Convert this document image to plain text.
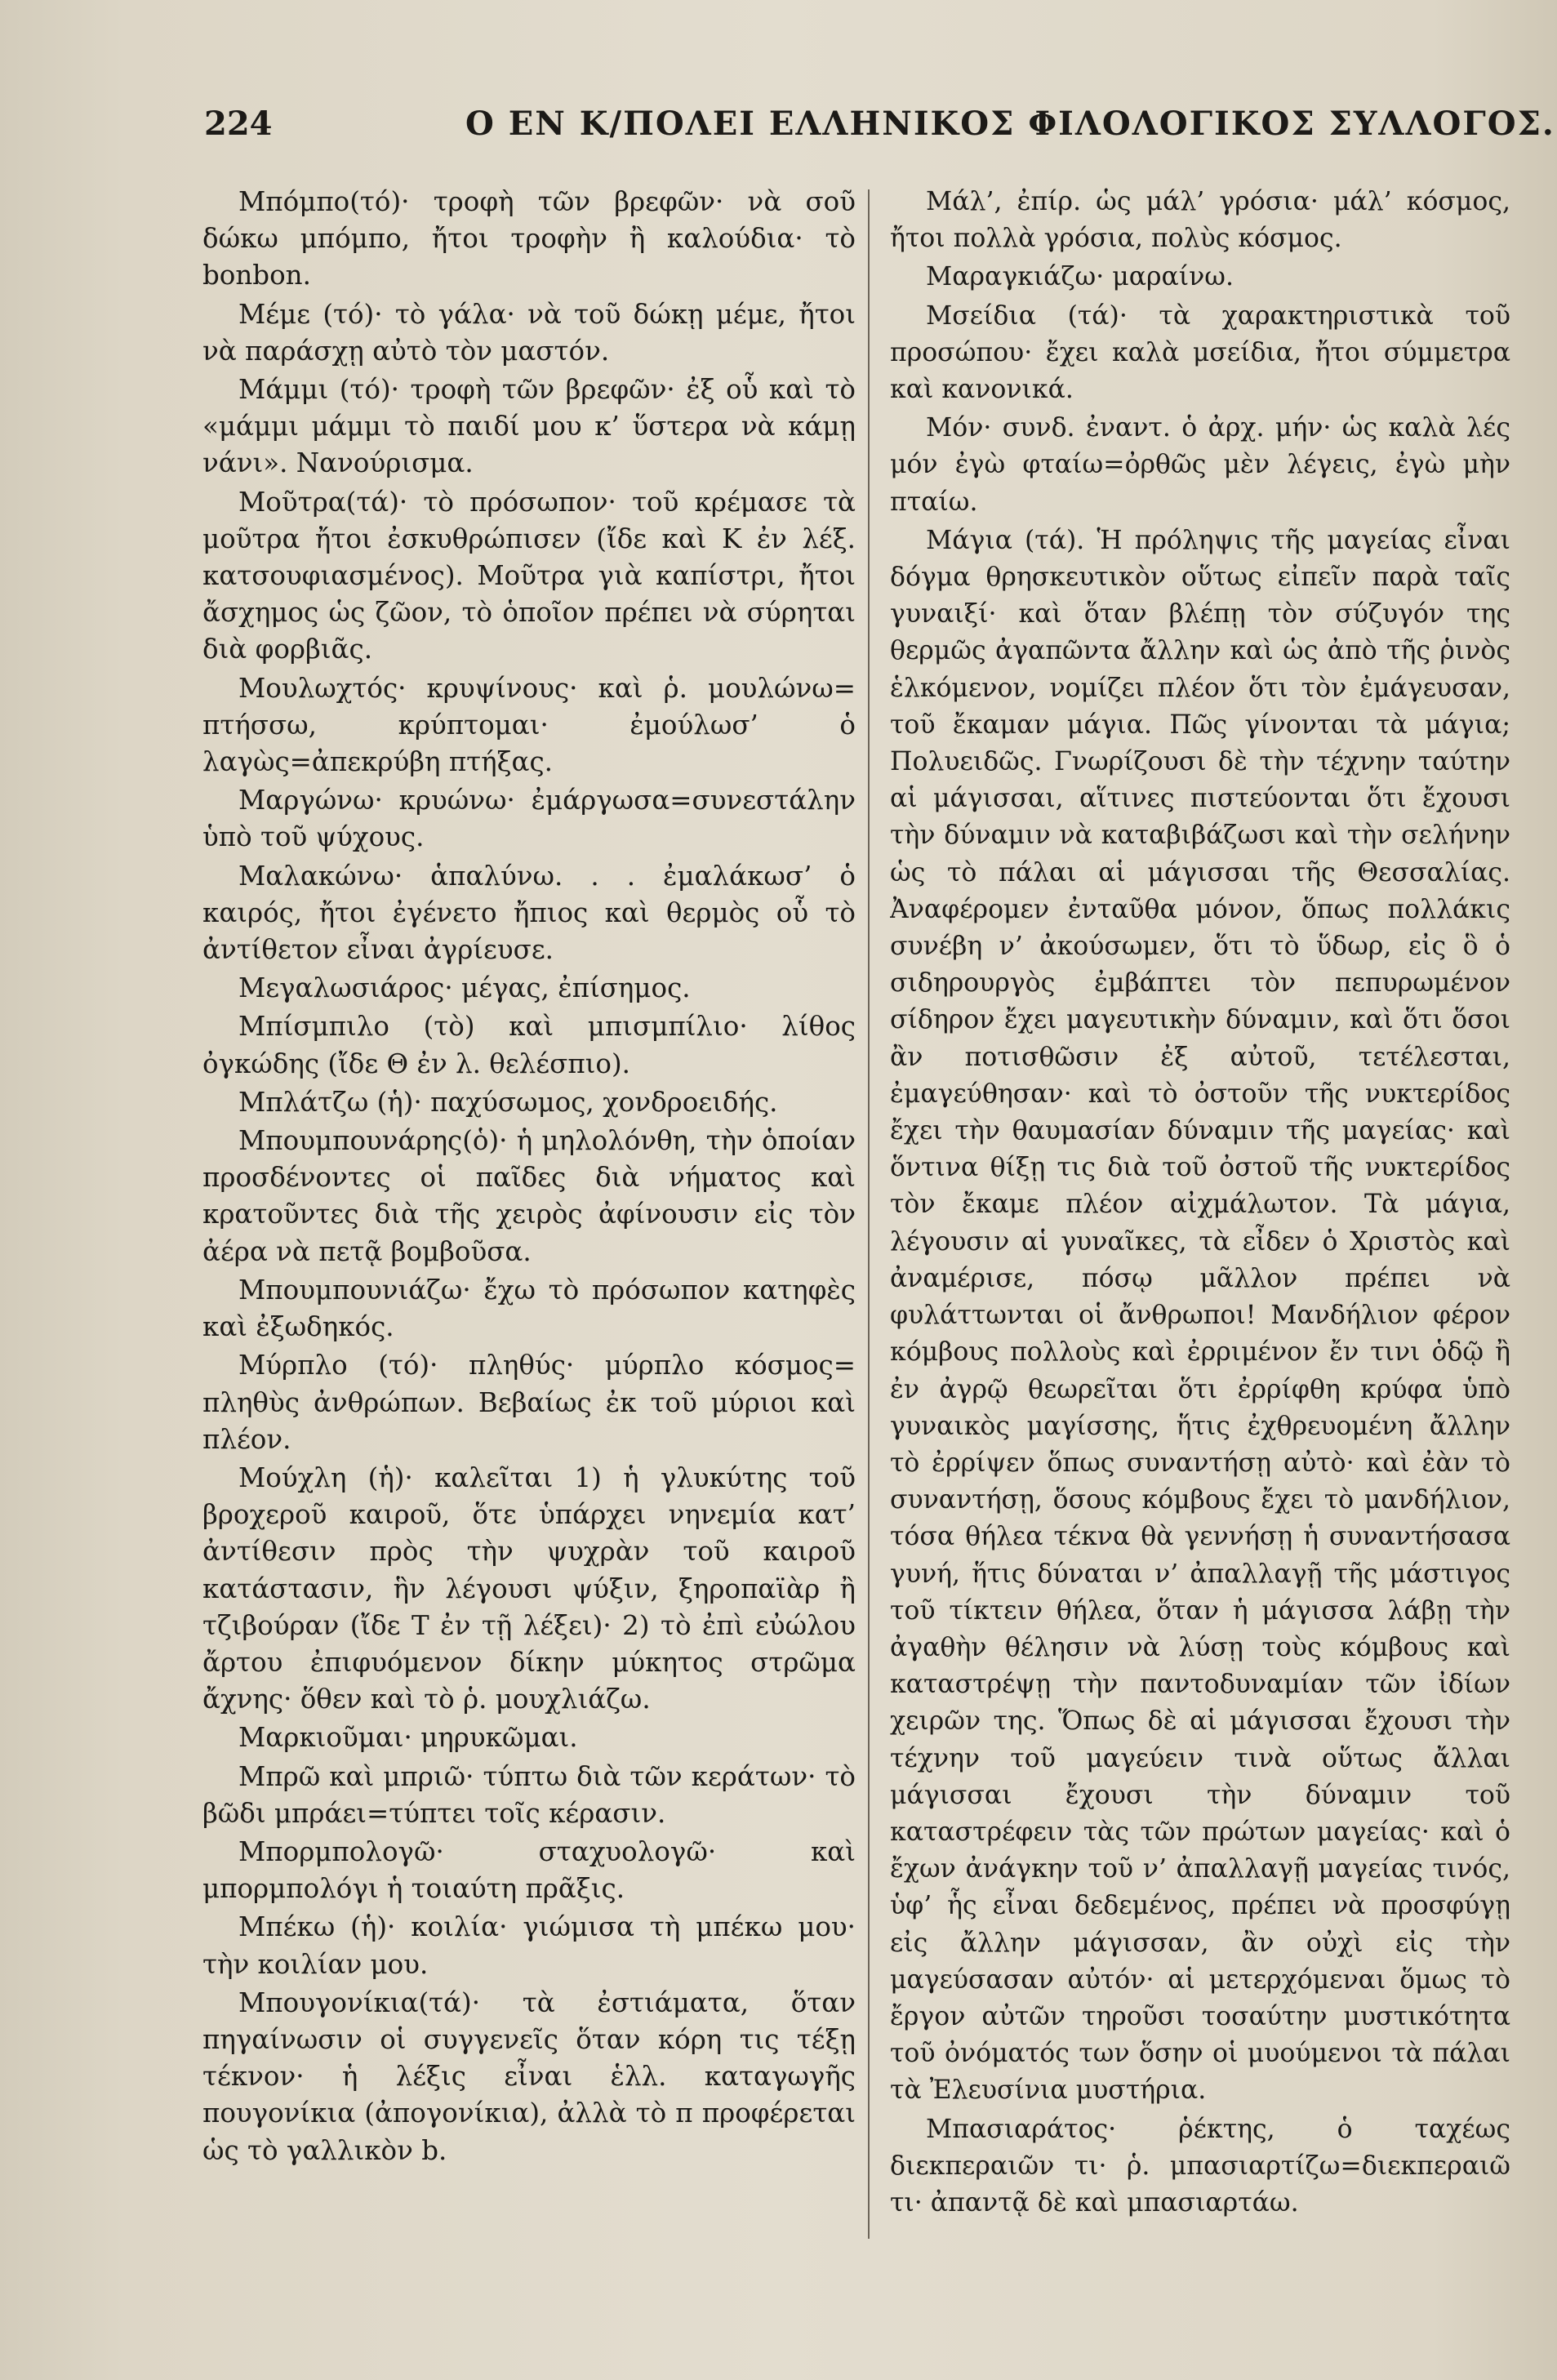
224	Ο ΕΝ Κ/ΠΟΛΕΙ ΕΛΛΗΝΙΚΟΣ ΦΙΛΟΛΟΓΙΚΟΣ ΣΥΛΛΟΓΟΣ.

Μπόμπο(τό)· τροφὴ τῶν βρεφῶν· νὰ σοῦ δώκω μπόμπο, ἤτοι τροφὴν ἢ καλούδια· τὸ bonbon.

Μέμε (τό)· τὸ γάλα· νὰ τοῦ δώκῃ μέμε, ἤτοι νὰ παράσχῃ αὐτὸ τὸν μαστόν.

Μάμμι (τό)· τροφὴ τῶν βρεφῶν· ἐξ οὗ καὶ τὸ «μάμμι μάμμι τὸ παιδί μου κ’ ὕστερα νὰ κάμῃ νάνι». Νανούρισμα.

Μοῦτρα(τά)· τὸ πρόσωπον· τοῦ κρέμασε τὰ μοῦτρα ἤτοι ἐσκυθρώπισεν (ἴδε καὶ Κ ἐν λέξ. κατσουφιασμένος). Μοῦτρα γιὰ καπίστρι, ἤτοι ἄσχημος ὡς ζῶον, τὸ ὁποῖον πρέπει νὰ σύρηται διὰ φορβιᾶς.

Μουλωχτός· κρυψίνους· καὶ ῥ. μουλώνω= πτήσσω, κρύπτομαι· ἐμούλωσ’ ὁ λαγὼς=ἀπεκρύβη πτήξας.

Μαργώνω· κρυώνω· ἐμάργωσα=συνεστάλην ὑπὸ τοῦ ψύχους.

Μαλακώνω· ἁπαλύνω. . . ἐμαλάκωσ’ ὁ καιρός, ἤτοι ἐγένετο ἤπιος καὶ θερμὸς οὗ τὸ ἀντίθετον εἶναι ἀγρίευσε.

Μεγαλωσιάρος· μέγας, ἐπίσημος.

Μπίσμπιλο (τὸ) καὶ μπισμπίλιο· λίθος ὀγκώδης (ἴδε Θ ἐν λ. θελέσπιο).

Μπλάτζω (ἡ)· παχύσωμος, χονδροειδής.

Μπουμπουνάρης(ὁ)· ἡ μηλολόνθη, τὴν ὁποίαν προσδένοντες οἱ παῖδες διὰ νήματος καὶ κρατοῦντες διὰ τῆς χειρὸς ἀφίνουσιν εἰς τὸν ἀέρα νὰ πετᾷ βομβοῦσα.

Μπουμπουνιάζω· ἔχω τὸ πρόσωπον κατηφὲς καὶ ἐξωδηκός.

Μύρπλο (τό)· πληθύς· μύρπλο κόσμος= πληθὺς ἀνθρώπων. Βεβαίως ἐκ τοῦ μύριοι καὶ πλέον.

Μούχλη (ἡ)· καλεῖται 1) ἡ γλυκύτης τοῦ βροχεροῦ καιροῦ, ὅτε ὑπάρχει νηνεμία κατ’ ἀντίθεσιν πρὸς τὴν ψυχρὰν τοῦ καιροῦ κατάστασιν, ἣν λέγουσι ψύξιν, ξηροπαϊὰρ ἢ τζιβούραν (ἴδε Τ ἐν τῇ λέξει)· 2) τὸ ἐπὶ εὐώλου ἄρτου ἐπιφυόμενον δίκην μύκητος στρῶμα ἄχνης· ὅθεν καὶ τὸ ῥ. μουχλιάζω.

Μαρκιοῦμαι· μηρυκῶμαι.

Μπρῶ καὶ μπριῶ· τύπτω διὰ τῶν κεράτων· τὸ βῶδι μπράει=τύπτει τοῖς κέρασιν.

Μπορμπολογῶ· σταχυολογῶ· καὶ μπορμπολόγι ἡ τοιαύτη πρᾶξις.

Μπέκω (ἡ)· κοιλία· γιώμισα τὴ μπέκω μου· τὴν κοιλίαν μου.

Μπουγονίκια(τά)· τὰ ἐστιάματα, ὅταν πηγαίνωσιν οἱ συγγενεῖς ὅταν κόρη τις τέξῃ τέκνον· ἡ λέξις εἶναι ἑλλ. καταγωγῆς πουγονίκια (ἀπογονίκια), ἀλλὰ τὸ π προφέρεται ὡς τὸ γαλλικὸν b.

Μάλ’, ἐπίρ. ὡς μάλ’ γρόσια· μάλ’ κόσμος, ἤτοι πολλὰ γρόσια, πολὺς κόσμος.

Μαραγκιάζω· μαραίνω.

Μσείδια (τά)· τὰ χαρακτηριστικὰ τοῦ προσώπου· ἔχει καλὰ μσείδια, ἤτοι σύμμετρα καὶ κανονικά.

Μόν· συνδ. ἐναντ. ὁ ἀρχ. μήν· ὡς καλὰ λές μόν ἐγὼ φταίω=ὀρθῶς μὲν λέγεις, ἐγὼ μὴν πταίω.

Μάγια (τά). Ἡ πρόληψις τῆς μαγείας εἶναι δόγμα θρησκευτικὸν οὕτως εἰπεῖν παρὰ ταῖς γυναιξί· καὶ ὅταν βλέπῃ τὸν σύζυγόν της θερμῶς ἀγαπῶντα ἄλλην καὶ ὡς ἀπὸ τῆς ῥινὸς ἑλκόμενον, νομίζει πλέον ὅτι τὸν ἐμάγευσαν, τοῦ ἔκαμαν μάγια. Πῶς γίνονται τὰ μάγια; Πολυειδῶς. Γνωρίζουσι δὲ τὴν τέχνην ταύτην αἱ μάγισσαι, αἵτινες πιστεύονται ὅτι ἔχουσι τὴν δύναμιν νὰ καταβιβάζωσι καὶ τὴν σελήνην ὡς τὸ πάλαι αἱ μάγισσαι τῆς Θεσσαλίας. Ἀναφέρομεν ἐνταῦθα μόνον, ὅπως πολλάκις συνέβη ν’ ἀκούσωμεν, ὅτι τὸ ὕδωρ, εἰς ὃ ὁ σιδηρουργὸς ἐμβάπτει τὸν πεπυρωμένον σίδηρον ἔχει μαγευτικὴν δύναμιν, καὶ ὅτι ὅσοι ἂν ποτισθῶσιν ἐξ αὐτοῦ, τετέλεσται, ἐμαγεύθησαν· καὶ τὸ ὀστοῦν τῆς νυκτερίδος ἔχει τὴν θαυμασίαν δύναμιν τῆς μαγείας· καὶ ὅντινα θίξῃ τις διὰ τοῦ ὀστοῦ τῆς νυκτερίδος τὸν ἔκαμε πλέον αἰχμάλωτον. Τὰ μάγια, λέγουσιν αἱ γυναῖκες, τὰ εἶδεν ὁ Χριστὸς καὶ ἀναμέρισε, πόσῳ μᾶλλον πρέπει νὰ φυλάττωνται οἱ ἄνθρωποι! Μανδήλιον φέρον κόμβους πολλοὺς καὶ ἐρριμένον ἔν τινι ὁδῷ ἢ ἐν ἀγρῷ θεωρεῖται ὅτι ἐρρίφθη κρύφα ὑπὸ γυναικὸς μαγίσσης, ἥτις ἐχθρευομένη ἄλλην τὸ ἐρρίψεν ὅπως συναντήσῃ αὐτὸ· καὶ ἐὰν τὸ συναντήσῃ, ὅσους κόμβους ἔχει τὸ μανδήλιον, τόσα θήλεα τέκνα θὰ γεννήσῃ ἡ συναντήσασα γυνή, ἥτις δύναται ν’ ἀπαλλαγῇ τῆς μάστιγος τοῦ τίκτειν θήλεα, ὅταν ἡ μάγισσα λάβῃ τὴν ἀγαθὴν θέλησιν νὰ λύσῃ τοὺς κόμβους καὶ καταστρέψῃ τὴν παντοδυναμίαν τῶν ἰδίων χειρῶν της. Ὅπως δὲ αἱ μάγισσαι ἔχουσι τὴν τέχνην τοῦ μαγεύειν τινὰ οὕτως ἄλλαι μάγισσαι ἔχουσι τὴν δύναμιν τοῦ καταστρέφειν τὰς τῶν πρώτων μαγείας· καὶ ὁ ἔχων ἀνάγκην τοῦ ν’ ἀπαλλαγῇ μαγείας τινός, ὑφ’ ἧς εἶναι δεδεμένος, πρέπει νὰ προσφύγῃ εἰς ἄλλην μάγισσαν, ἂν οὐχὶ εἰς τὴν μαγεύσασαν αὐτόν· αἱ μετερχόμεναι ὅμως τὸ ἔργον αὐτῶν τηροῦσι τοσαύτην μυστικότητα τοῦ ὀνόματός των ὅσην οἱ μυούμενοι τὰ πάλαι τὰ Ἐλευσίνια μυστήρια.

Μπασιαράτος· ῥέκτης, ὁ ταχέως διεκπεραιῶν τι· ῥ. μπασιαρτίζω=διεκπεραιῶ τι· ἀπαντᾷ δὲ καὶ μπασιαρτάω.
